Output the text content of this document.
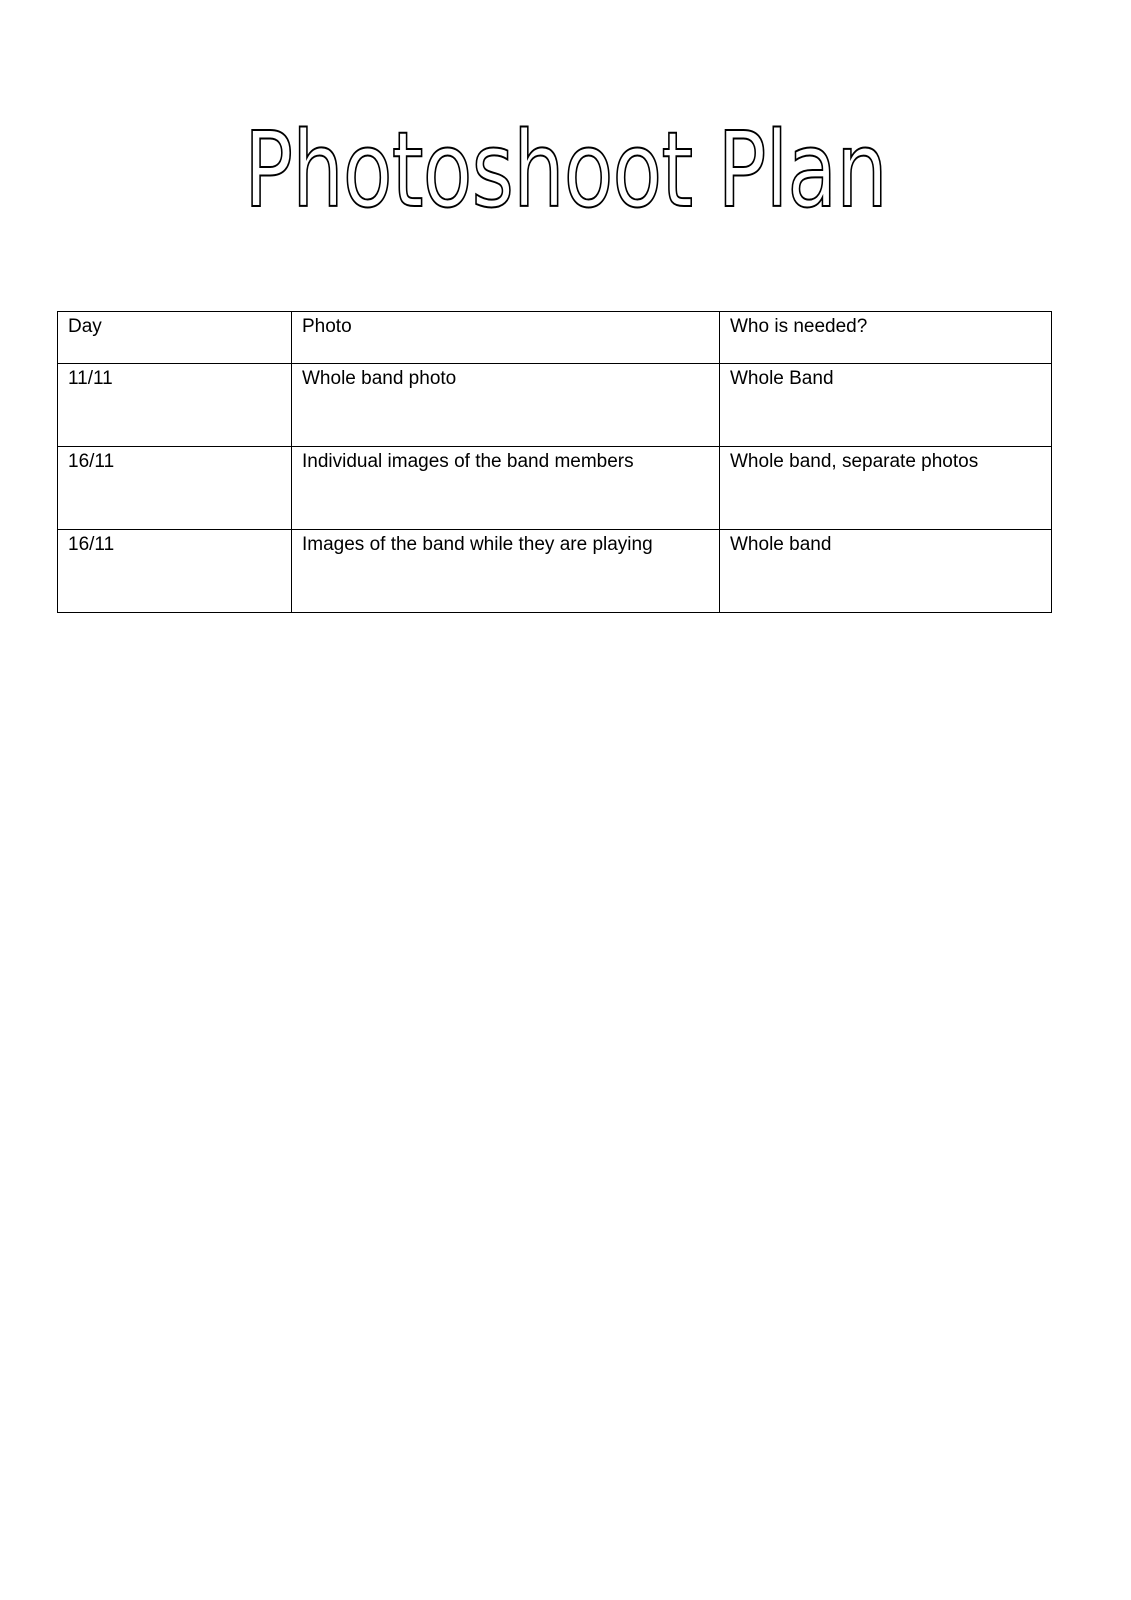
Photoshoot Plan
Day	Photo	Who is needed?
11/11	Whole band photo	Whole Band
16/11	Individual images of the band members	Whole band, separate photos
16/11	Images of the band while they are playing	Whole band
